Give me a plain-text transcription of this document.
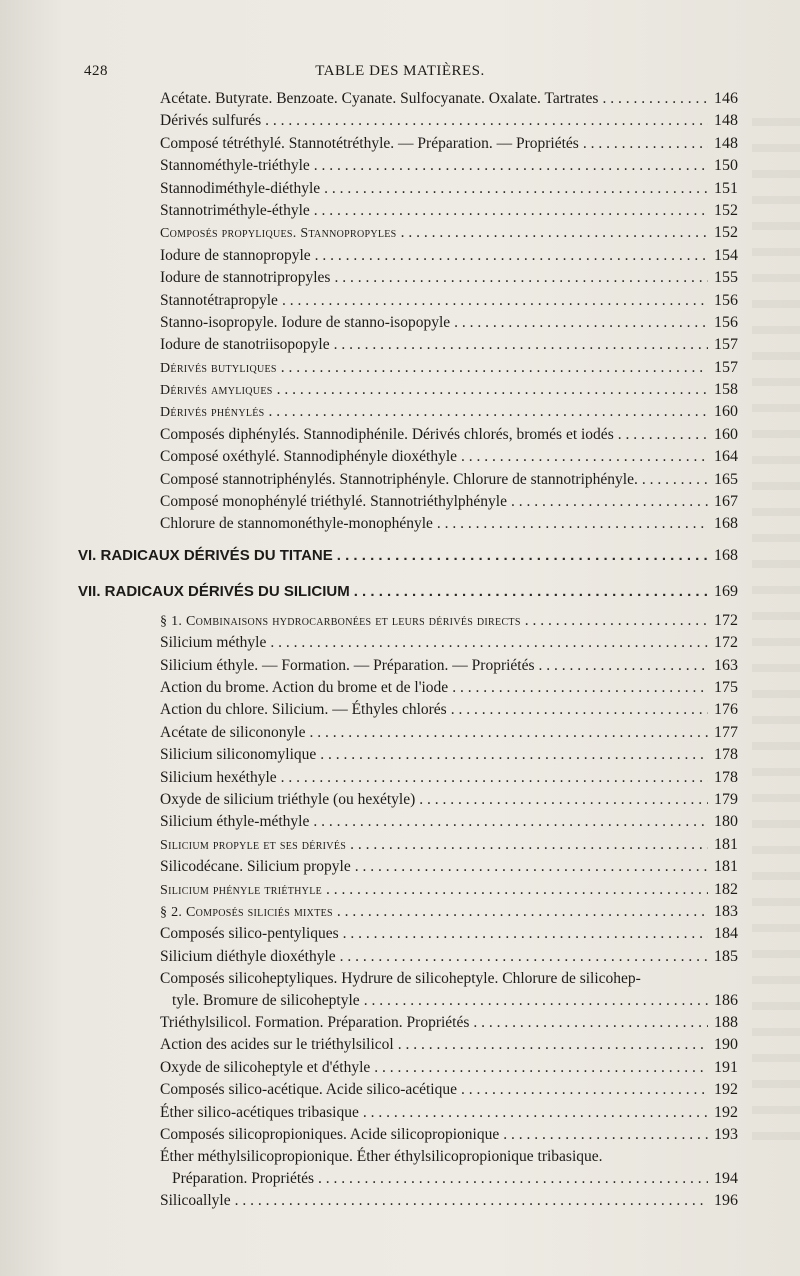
428	TABLE DES MATIÈRES.
Acétate. Butyrate. Benzoate. Cyanate. Sulfocyanate. Oxalate. Tartrates . . .	146
Dérivés sulfurés . . .	148
Composé tétréthylé. Stannotétréthyle. — Préparation. — Propriétés . . .	148
Stannométhyle-triéthyle . . .	150
Stannodiméthyle-diéthyle . . .	151
Stannotriméthyle-éthyle . . .	152
Composés propyliques. Stannopropyles . . .	152
Iodure de stannopropyle . . .	154
Iodure de stannotripropyles . . .	155
Stannotétrapropyle . . .	156
Stanno-isopropyle. Iodure de stanno-isopopyle . . .	156
Iodure de stanotriisopopyle . . .	157
Dérivés butyliques . . .	157
Dérivés amyliques . . .	158
Dérivés phénylés . . .	160
Composés diphénylés. Stannodiphénile. Dérivés chlorés, bromés et iodés . . .	160
Composé oxéthylé. Stannodiphényle dioxéthyle . . .	164
Composé stannotriphénylés. Stannotriphényle. Chlorure de stannotriphényle. . . .	165
Composé monophénylé triéthylé. Stannotriéthylphényle . . .	167
Chlorure de stannomonéthyle-monophényle . . .	168
VI. RADICAUX DÉRIVÉS DU TITANE . . .	168
VII. RADICAUX DÉRIVÉS DU SILICIUM . . .	169
§ 1. Combinaisons hydrocarbonées et leurs dérivés directs . . .	172
Silicium méthyle . . .	172
Silicium éthyle. — Formation. — Préparation. — Propriétés . . .	163
Action du brome. Action du brome et de l'iode . . .	175
Action du chlore. Silicium. — Éthyles chlorés . . .	176
Acétate de silicononyle . . .	177
Silicium siliconomylique . . .	178
Silicium hexéthyle . . .	178
Oxyde de silicium triéthyle (ou hexétyle) . . .	179
Silicium éthyle-méthyle . . .	180
Silicium propyle et ses dérivés . . .	181
Silicodécane. Silicium propyle . . .	181
Silicium phényle triéthyle . . .	182
§ 2. Composés siliciés mixtes . . .	183
Composés silico-pentyliques . . .	184
Silicium diéthyle dioxéthyle . . .	185
Composés silicoheptyliques. Hydrure de silicoheptyle. Chlorure de silicohep-
tyle. Bromure de silicoheptyle . . .	186
Triéthylsilicol. Formation. Préparation. Propriétés . . .	188
Action des acides sur le triéthylsilicol . . .	190
Oxyde de silicoheptyle et d'éthyle . . .	191
Composés silico-acétique. Acide silico-acétique . . .	192
Éther silico-acétiques tribasique . . .	192
Composés silicopropioniques. Acide silicopropionique . . .	193
Éther méthylsilicopropionique. Éther éthylsilicopropionique tribasique.
Préparation. Propriétés . . .	194
Silicoallyle . . .	196
